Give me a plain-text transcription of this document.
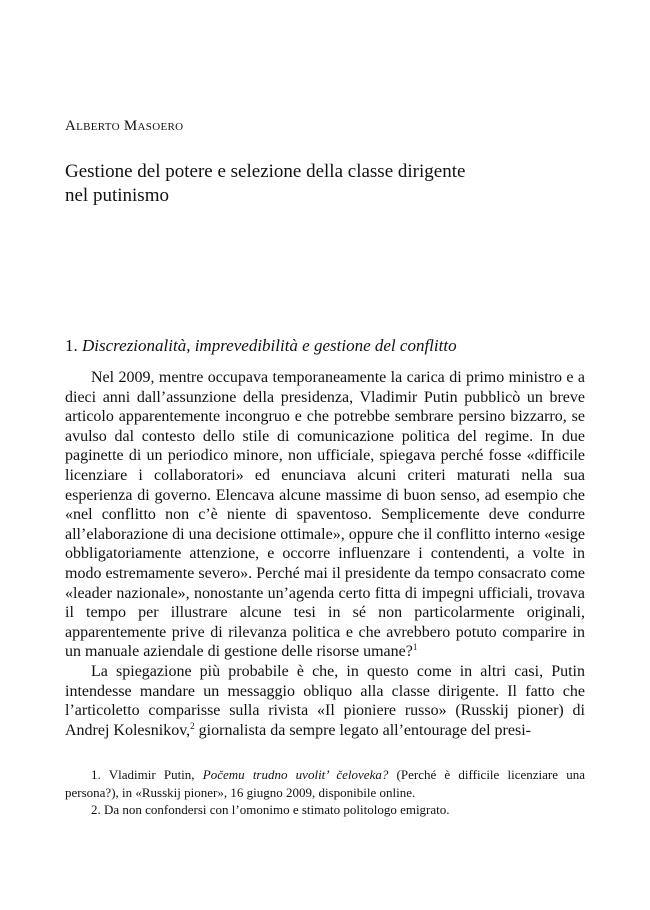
Alberto Masoero
Gestione del potere e selezione della classe dirigente
nel putinismo
1. Discrezionalità, imprevedibilità e gestione del conflitto

Nel 2009, mentre occupava temporaneamente la carica di primo ministro e a dieci anni dall’assunzione della presidenza, Vladimir Putin pubblicò un breve articolo apparentemente incongruo e che potrebbe sembrare persino bizzarro, se avulso dal contesto dello stile di comunicazione politica del regime. In due paginette di un periodico minore, non ufficiale, spiegava perché fosse «difficile licenziare i collaboratori» ed enunciava alcuni criteri maturati nella sua esperienza di governo. Elencava alcune massime di buon senso, ad esempio che «nel conflitto non c’è niente di spaventoso. Semplicemente deve condurre all’elaborazione di una decisione ottimale», oppure che il conflitto interno «esige obbligatoriamente attenzione, e occorre influenzare i contendenti, a volte in modo estremamente severo». Perché mai il presidente da tempo consacrato come «leader nazionale», nonostante un’agenda certo fitta di impegni ufficiali, trovava il tempo per illustrare alcune tesi in sé non particolarmente originali, apparentemente prive di rilevanza politica e che avrebbero potuto comparire in un manuale aziendale di gestione delle risorse umane?$^1$

La spiegazione più probabile è che, in questo come in altri casi, Putin intendesse mandare un messaggio obliquo alla classe dirigente. Il fatto che l’articoletto comparisse sulla rivista «Il pioniere russo» (Russkij pioner) di Andrej Kolesnikov,$^2$ giornalista da sempre legato all’entourage del presi-

1. Vladimir Putin, Počemu trudno uvolit’ čeloveka? (Perché è difficile licenziare una persona?), in «Russkij pioner», 16 giugno 2009, disponibile online.

2. Da non confondersi con l’omonimo e stimato politologo emigrato.
